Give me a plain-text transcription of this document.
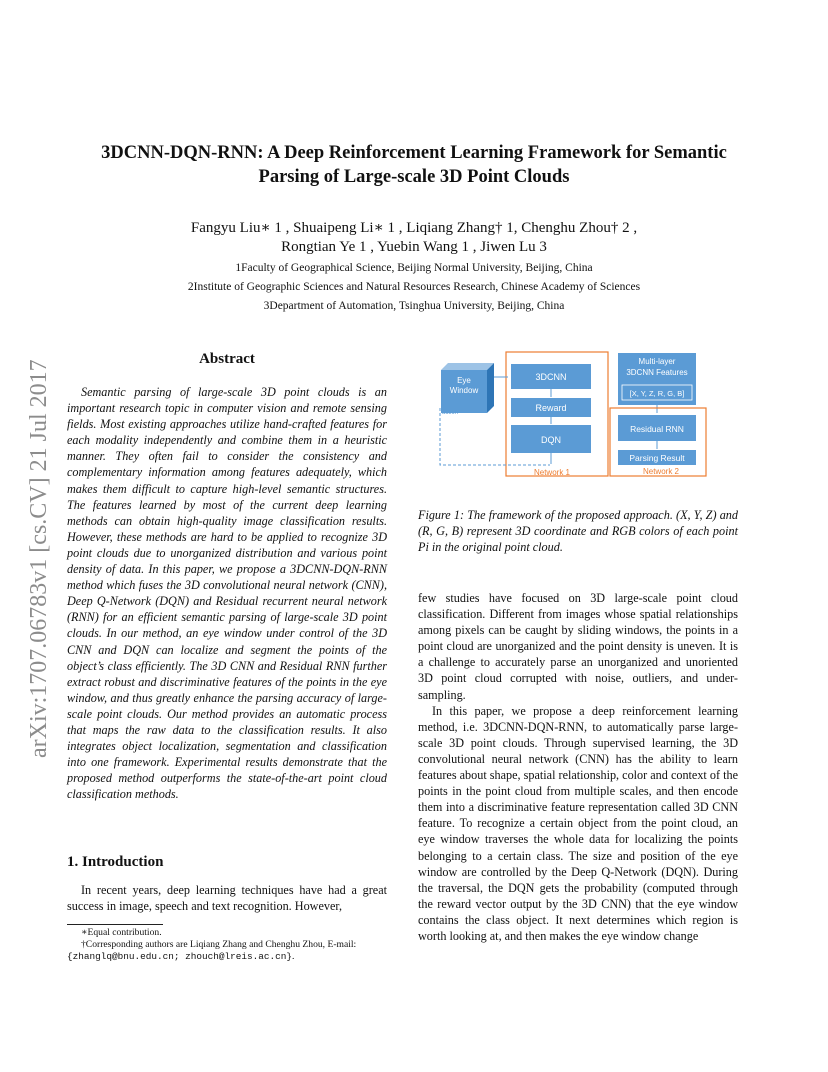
3DCNN-DQN-RNN: A Deep Reinforcement Learning Framework for Semantic
Parsing of Large-scale 3D Point Clouds
Fangyu Liu∗ 1 , Shuaipeng Li∗ 1 , Liqiang Zhang† 1, Chenghu Zhou† 2 ,
Rongtian Ye 1 , Yuebin Wang 1 , Jiwen Lu 3
1Faculty of Geographical Science, Beijing Normal University, Beijing, China
2Institute of Geographic Sciences and Natural Resources Research, Chinese Academy of Sciences
3Department of Automation, Tsinghua University, Beijing, China
arXiv:1707.06783v1 [cs.CV] 21 Jul 2017
Abstract

Semantic parsing of large-scale 3D point clouds is an important research topic in computer vision and remote sensing fields. Most existing approaches utilize hand-crafted features for each modality independently and combine them in a heuristic manner. They often fail to consider the consistency and complementary information among features adequately, which makes them difficult to capture high-level semantic structures. The features learned by most of the current deep learning methods can obtain high-quality image classification results. However, these methods are hard to be applied to recognize 3D point clouds due to unorganized distribution and various point density of data. In this paper, we propose a 3DCNN-DQN-RNN method which fuses the 3D convolutional neural network (CNN), Deep Q-Network (DQN) and Residual recurrent neural network (RNN) for an efficient semantic parsing of large-scale 3D point clouds. In our method, an eye window under control of the 3D CNN and DQN can localize and segment the points of the object’s class efficiently. The 3D CNN and Residual RNN further extract robust and discriminative features of the points in the eye window, and thus greatly enhance the parsing accuracy of large-scale point clouds. Our method provides an automatic process that maps the raw data to the classification results. It also integrates object localization, segmentation and classification into one framework. Experimental results demonstrate that the proposed method outperforms the state-of-the-art point cloud classification methods.

1. Introduction

In recent years, deep learning techniques have had a great success in image, speech and text recognition. However,

∗Equal contribution.

†Corresponding authors are Liqiang Zhang and Chenghu Zhou, E-mail:{zhanglq@bnu.edu.cn; zhouch@lreis.ac.cn}.

Eye
Window
action
3DCNN
Reward
DQN
Network 1
Multi-layer
3DCNN Features
[X, Y, Z, R, G, B]
Residual RNN
Parsing Result
Network 2
Figure 1: The framework of the proposed approach. (X, Y, Z) and (R, G, B) represent 3D coordinate and RGB colors of each point Pi in the original point cloud.

few studies have focused on 3D large-scale point cloud classification. Different from images whose spatial relationships among pixels can be caught by sliding windows, the points in a point cloud are unorganized and the point density is uneven. It is a challenge to accurately parse an unorganized and unoriented 3D point cloud corrupted with noise, outliers, and under-sampling.

In this paper, we propose a deep reinforcement learning method, i.e. 3DCNN-DQN-RNN, to automatically parse large-scale 3D point clouds. Through supervised learning, the 3D convolutional neural network (CNN) has the ability to learn features about shape, spatial relationship, color and context of the points in the point cloud from multiple scales, and then encode them into a discriminative feature representation called 3D CNN feature. To recognize a certain object from the point cloud, an eye window traverses the whole data for localizing the points belonging to a certain class. The size and position of the eye window are controlled by the Deep Q-Network (DQN). During the traversal, the DQN gets the probability (computed through the reward vector output by the 3D CNN) that the eye window contains the class object. It next determines which region is worth looking at, and then makes the eye window change
